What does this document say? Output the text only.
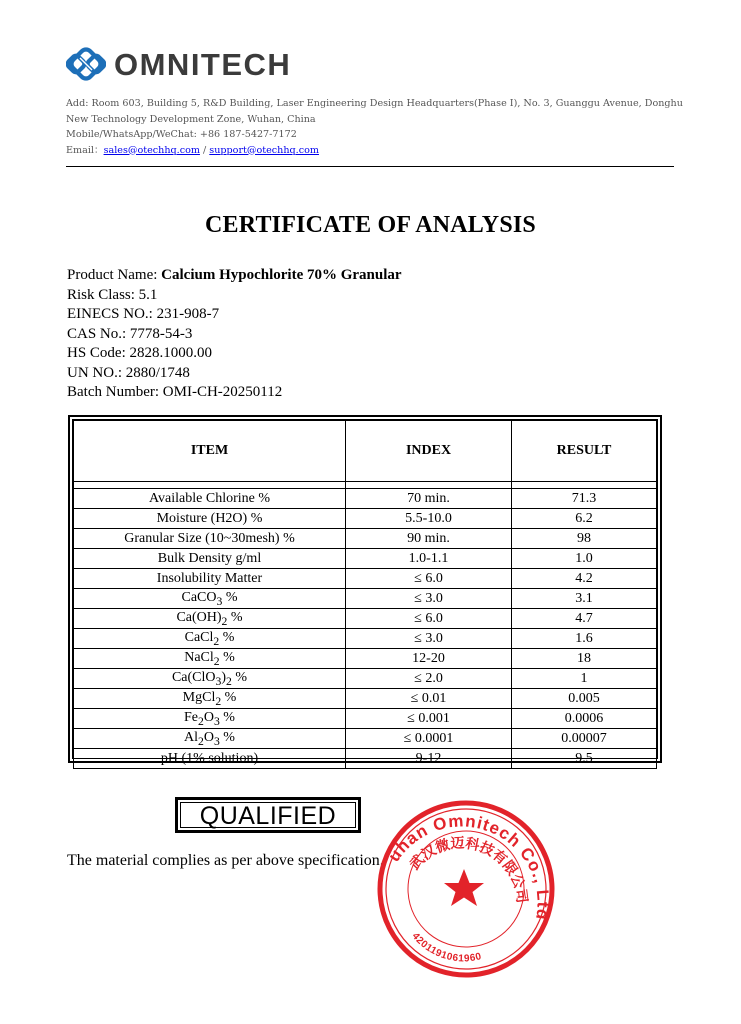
OMNITECH
Add: Room 603, Building 5, R&D Building, Laser Engineering Design Headquarters(Phase I), No. 3, Guanggu Avenue, Donghu
New Technology Development Zone, Wuhan, China
Mobile/WhatsApp/WeChat: +86 187-5427-7172
Email：sales@otechhq.com / support@otechhq.com
CERTIFICATE OF ANALYSIS
Product Name: Calcium Hypochlorite 70% Granular
Risk Class: 5.1
EINECS NO.: 231-908-7
CAS No.: 7778-54-3
HS Code: 2828.1000.00
UN NO.: 2880/1748
Batch Number: OMI-CH-20250112
ITEM	INDEX	RESULT

Available Chlorine %	70 min.	71.3
Moisture (H2O) %	5.5-10.0	6.2
Granular Size (10~30mesh) %	90 min.	98
Bulk Density g/ml	1.0-1.1	1.0
Insolubility Matter	≤ 6.0	4.2
CaCO$_3$ %	≤ 3.0	3.1
$Ca(OH)_2$ %	≤ 6.0	4.7
CaCl$_2$ %	≤ 3.0	1.6
NaCl$_2$ %	12-20	18
$Ca(ClO_3)_2$ %	≤ 2.0	1
MgCl$_2$ %	≤ 0.01	0.005
$Fe_2O_3$ %	≤ 0.001	0.0006
$Al_2O_3$ %	≤ 0.0001	0.00007
pH (1% solution)	9-12	9.5
QUALIFIED
The material complies as per above specification.
Wuhan Omnitech Co., Ltd.
武汉微迈科技有限公司
4201191061960
